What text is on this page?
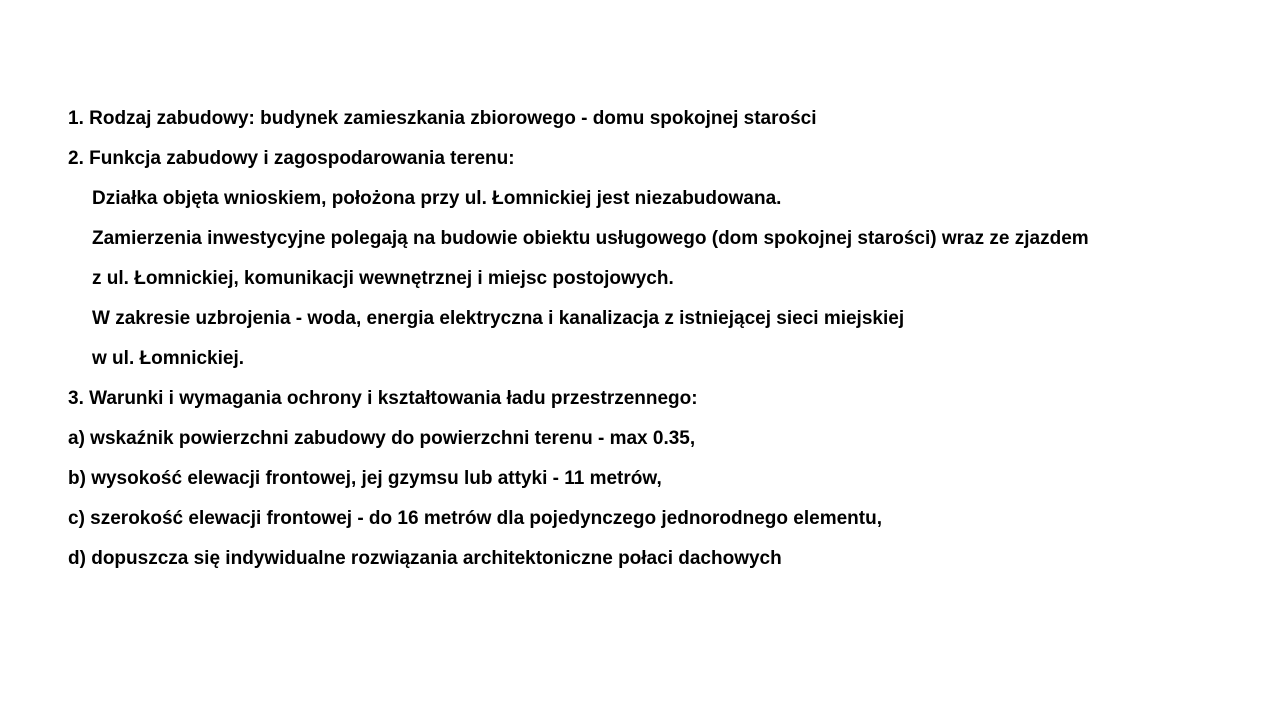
1. Rodzaj zabudowy: budynek zamieszkania zbiorowego - domu spokojnej starości
2. Funkcja zabudowy i zagospodarowania terenu:
Działka objęta wnioskiem, położona przy ul. Łomnickiej jest niezabudowana.
Zamierzenia inwestycyjne polegają na budowie obiektu usługowego (dom spokojnej starości) wraz ze zjazdem
z ul. Łomnickiej, komunikacji wewnętrznej i miejsc postojowych.
W zakresie uzbrojenia - woda, energia elektryczna i kanalizacja z istniejącej sieci miejskiej
w ul. Łomnickiej.
3. Warunki i wymagania ochrony i kształtowania ładu przestrzennego:
a) wskaźnik powierzchni zabudowy do powierzchni terenu - max 0.35,
b) wysokość elewacji frontowej, jej gzymsu lub attyki - 11 metrów,
c) szerokość elewacji frontowej - do 16 metrów dla pojedynczego jednorodnego elementu,
d) dopuszcza się indywidualne rozwiązania architektoniczne połaci dachowych
